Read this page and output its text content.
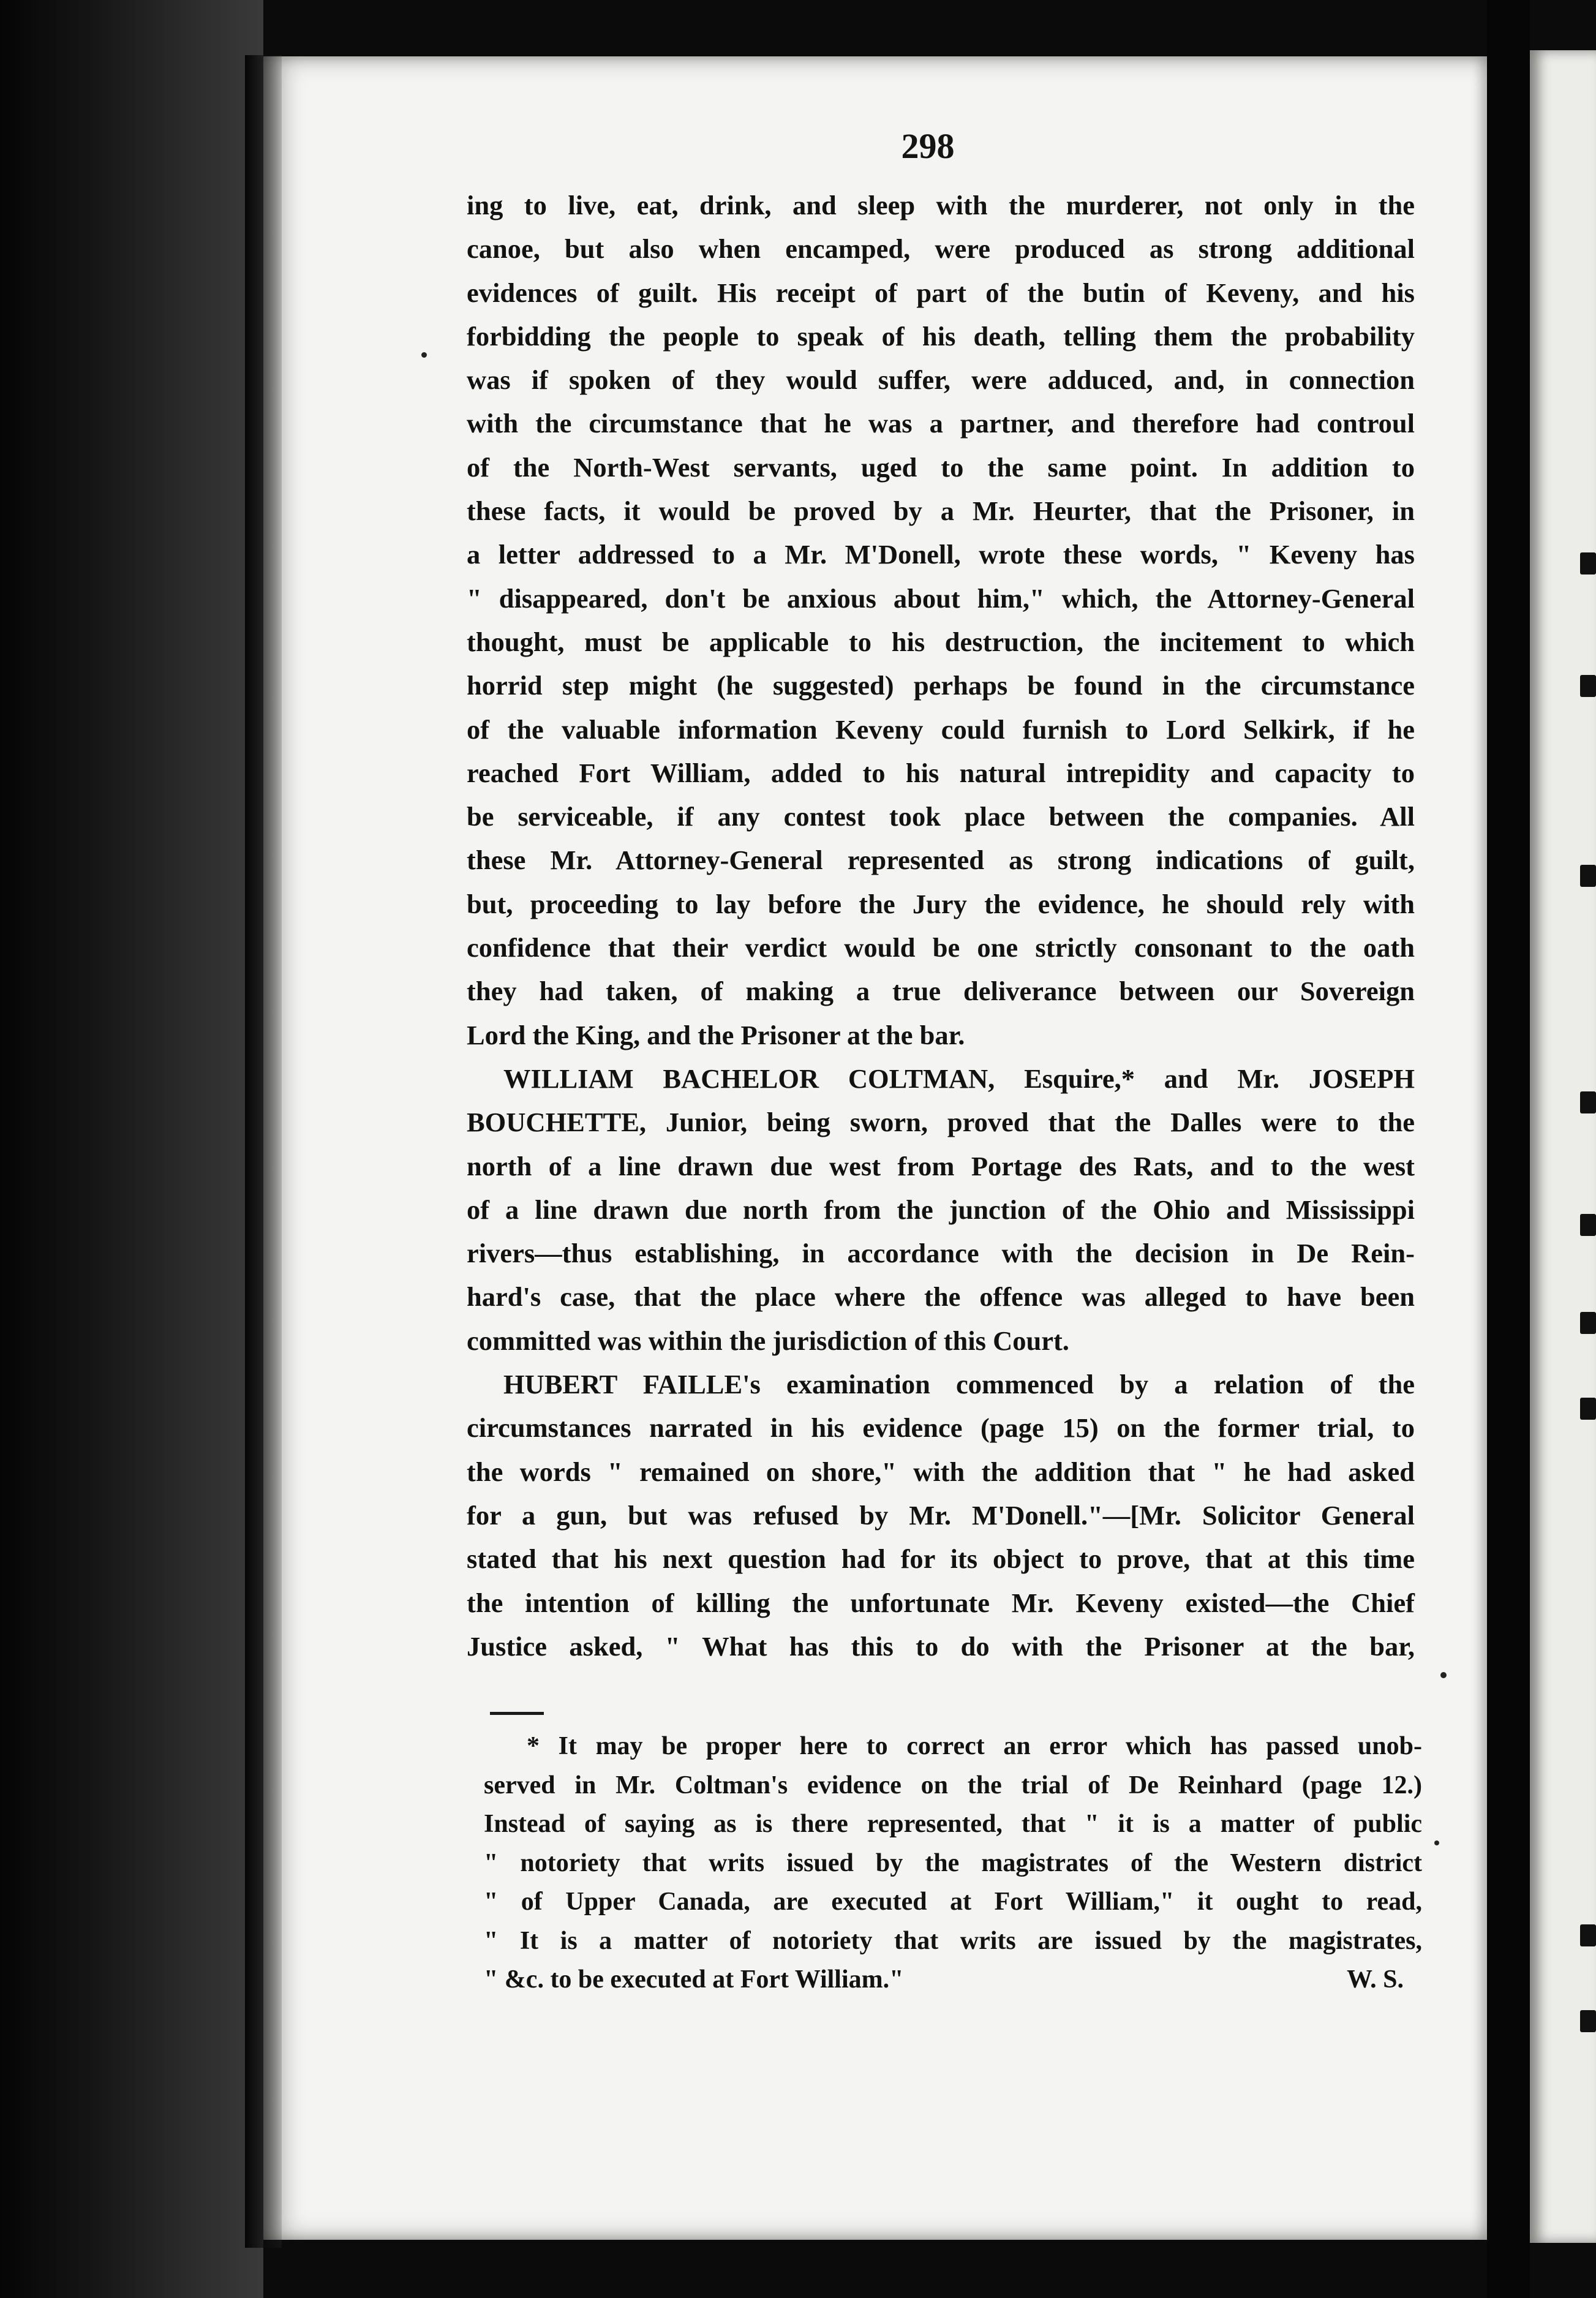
298
ing to live, eat, drink, and sleep with the murderer, not only in the
canoe, but also when encamped, were produced as strong additional
evidences of guilt. His receipt of part of the butin of Keveny, and his
forbidding the people to speak of his death, telling them the probability
was if spoken of they would suffer, were adduced, and, in connection
with the circumstance that he was a partner, and therefore had controul
of the North-West servants, uged to the same point. In addition to
these facts, it would be proved by a Mr. Heurter, that the Prisoner, in
a letter addressed to a Mr. M'Donell, wrote these words, " Keveny has
" disappeared, don't be anxious about him," which, the Attorney-General
thought, must be applicable to his destruction, the incitement to which
horrid step might (he suggested) perhaps be found in the circumstance
of the valuable information Keveny could furnish to Lord Selkirk, if he
reached Fort William, added to his natural intrepidity and capacity to
be serviceable, if any contest took place between the companies. All
these Mr. Attorney-General represented as strong indications of guilt,
but, proceeding to lay before the Jury the evidence, he should rely with
confidence that their verdict would be one strictly consonant to the oath
they had taken, of making a true deliverance between our Sovereign
Lord the King, and the Prisoner at the bar.
WILLIAM BACHELOR COLTMAN, Esquire,* and Mr. JOSEPH
BOUCHETTE, Junior, being sworn, proved that the Dalles were to the
north of a line drawn due west from Portage des Rats, and to the west
of a line drawn due north from the junction of the Ohio and Mississippi
rivers—thus establishing, in accordance with the decision in De Rein-
hard's case, that the place where the offence was alleged to have been
committed was within the jurisdiction of this Court.
HUBERT FAILLE's examination commenced by a relation of the
circumstances narrated in his evidence (page 15) on the former trial, to
the words " remained on shore," with the addition that " he had asked
for a gun, but was refused by Mr. M'Donell."—[Mr. Solicitor General
stated that his next question had for its object to prove, that at this time
the intention of killing the unfortunate Mr. Keveny existed—the Chief
Justice asked, " What has this to do with the Prisoner at the bar,
* It may be proper here to correct an error which has passed unob-
served in Mr. Coltman's evidence on the trial of De Reinhard (page 12.)
Instead of saying as is there represented, that " it is a matter of public
" notoriety that writs issued by the magistrates of the Western district
" of Upper Canada, are executed at Fort William," it ought to read,
" It is a matter of notoriety that writs are issued by the magistrates,
" &c. to be executed at Fort William."	W. S.
